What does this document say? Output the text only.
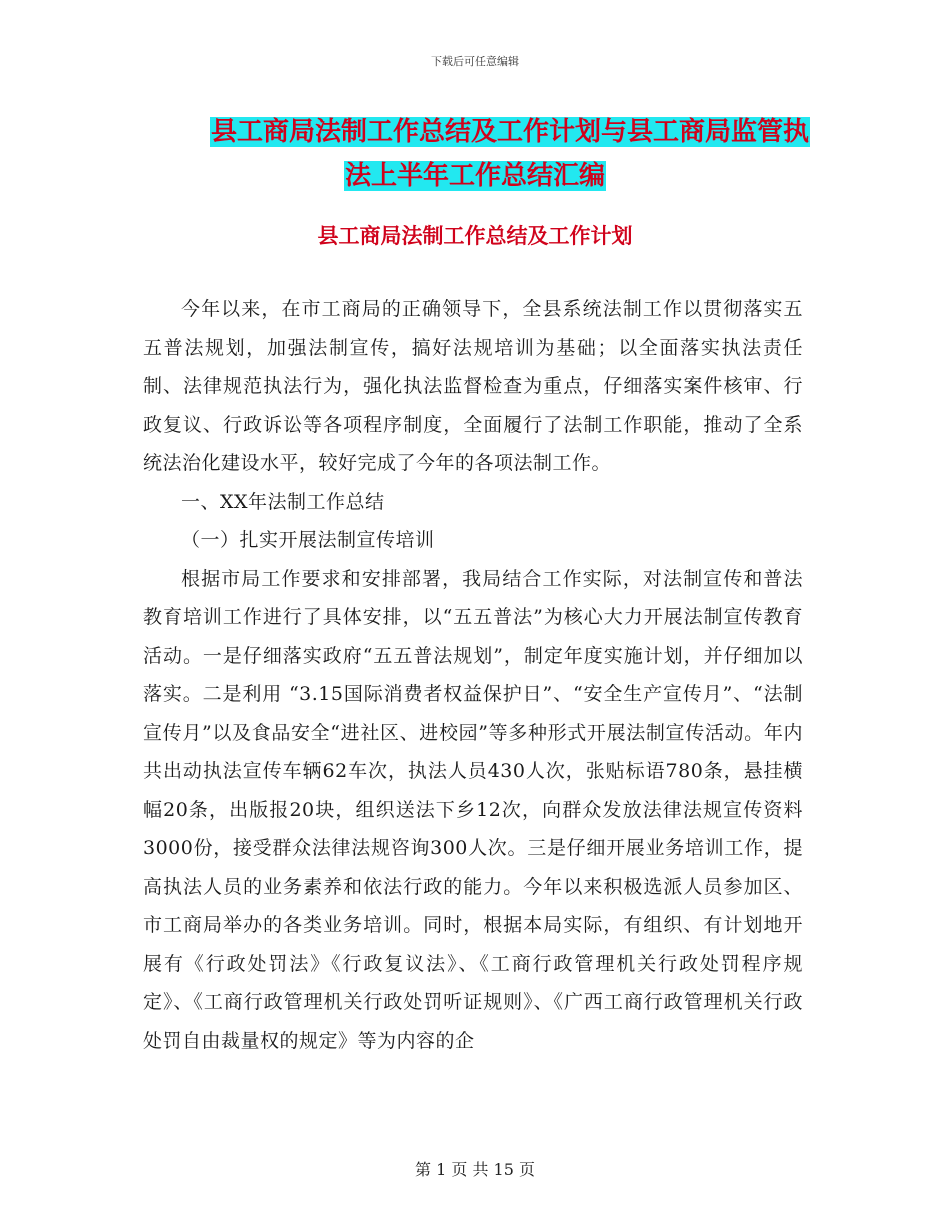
下载后可任意编辑
县工商局法制工作总结及工作计划与县工商局监管执
法上半年工作总结汇编
县工商局法制工作总结及工作计划

今年以来，在市工商局的正确领导下，全县系统法制工作以贯彻落实五五普法规划，加强法制宣传，搞好法规培训为基础；以全面落实执法责任制、法律规范执法行为，强化执法监督检查为重点，仔细落实案件核审、行政复议、行政诉讼等各项程序制度，全面履行了法制工作职能，推动了全系统法治化建设水平，较好完成了今年的各项法制工作。

一、XX年法制工作总结

（一）扎实开展法制宣传培训

根据市局工作要求和安排部署，我局结合工作实际，对法制宣传和普法教育培训工作进行了具体安排，以“五五普法”为核心大力开展法制宣传教育活动。一是仔细落实政府“五五普法规划”，制定年度实施计划，并仔细加以落实。二是利用 “3.15国际消费者权益保护日”、“安全生产宣传月”、“法制宣传月”以及食品安全“进社区、进校园”等多种形式开展法制宣传活动。年内共出动执法宣传车辆62车次，执法人员430人次，张贴标语780条，悬挂横幅20条，出版报20块，组织送法下乡12次，向群众发放法律法规宣传资料3000份，接受群众法律法规咨询300人次。三是仔细开展业务培训工作，提高执法人员的业务素养和依法行政的能力。今年以来积极选派人员参加区、市工商局举办的各类业务培训。同时，根据本局实际，有组织、有计划地开展有《行政处罚法》《行政复议法》、《工商行政管理机关行政处罚程序规定》、《工商行政管理机关行政处罚听证规则》、《广西工商行政管理机关行政处罚自由裁量权的规定》等为内容的企

第 1 页 共 15 页
